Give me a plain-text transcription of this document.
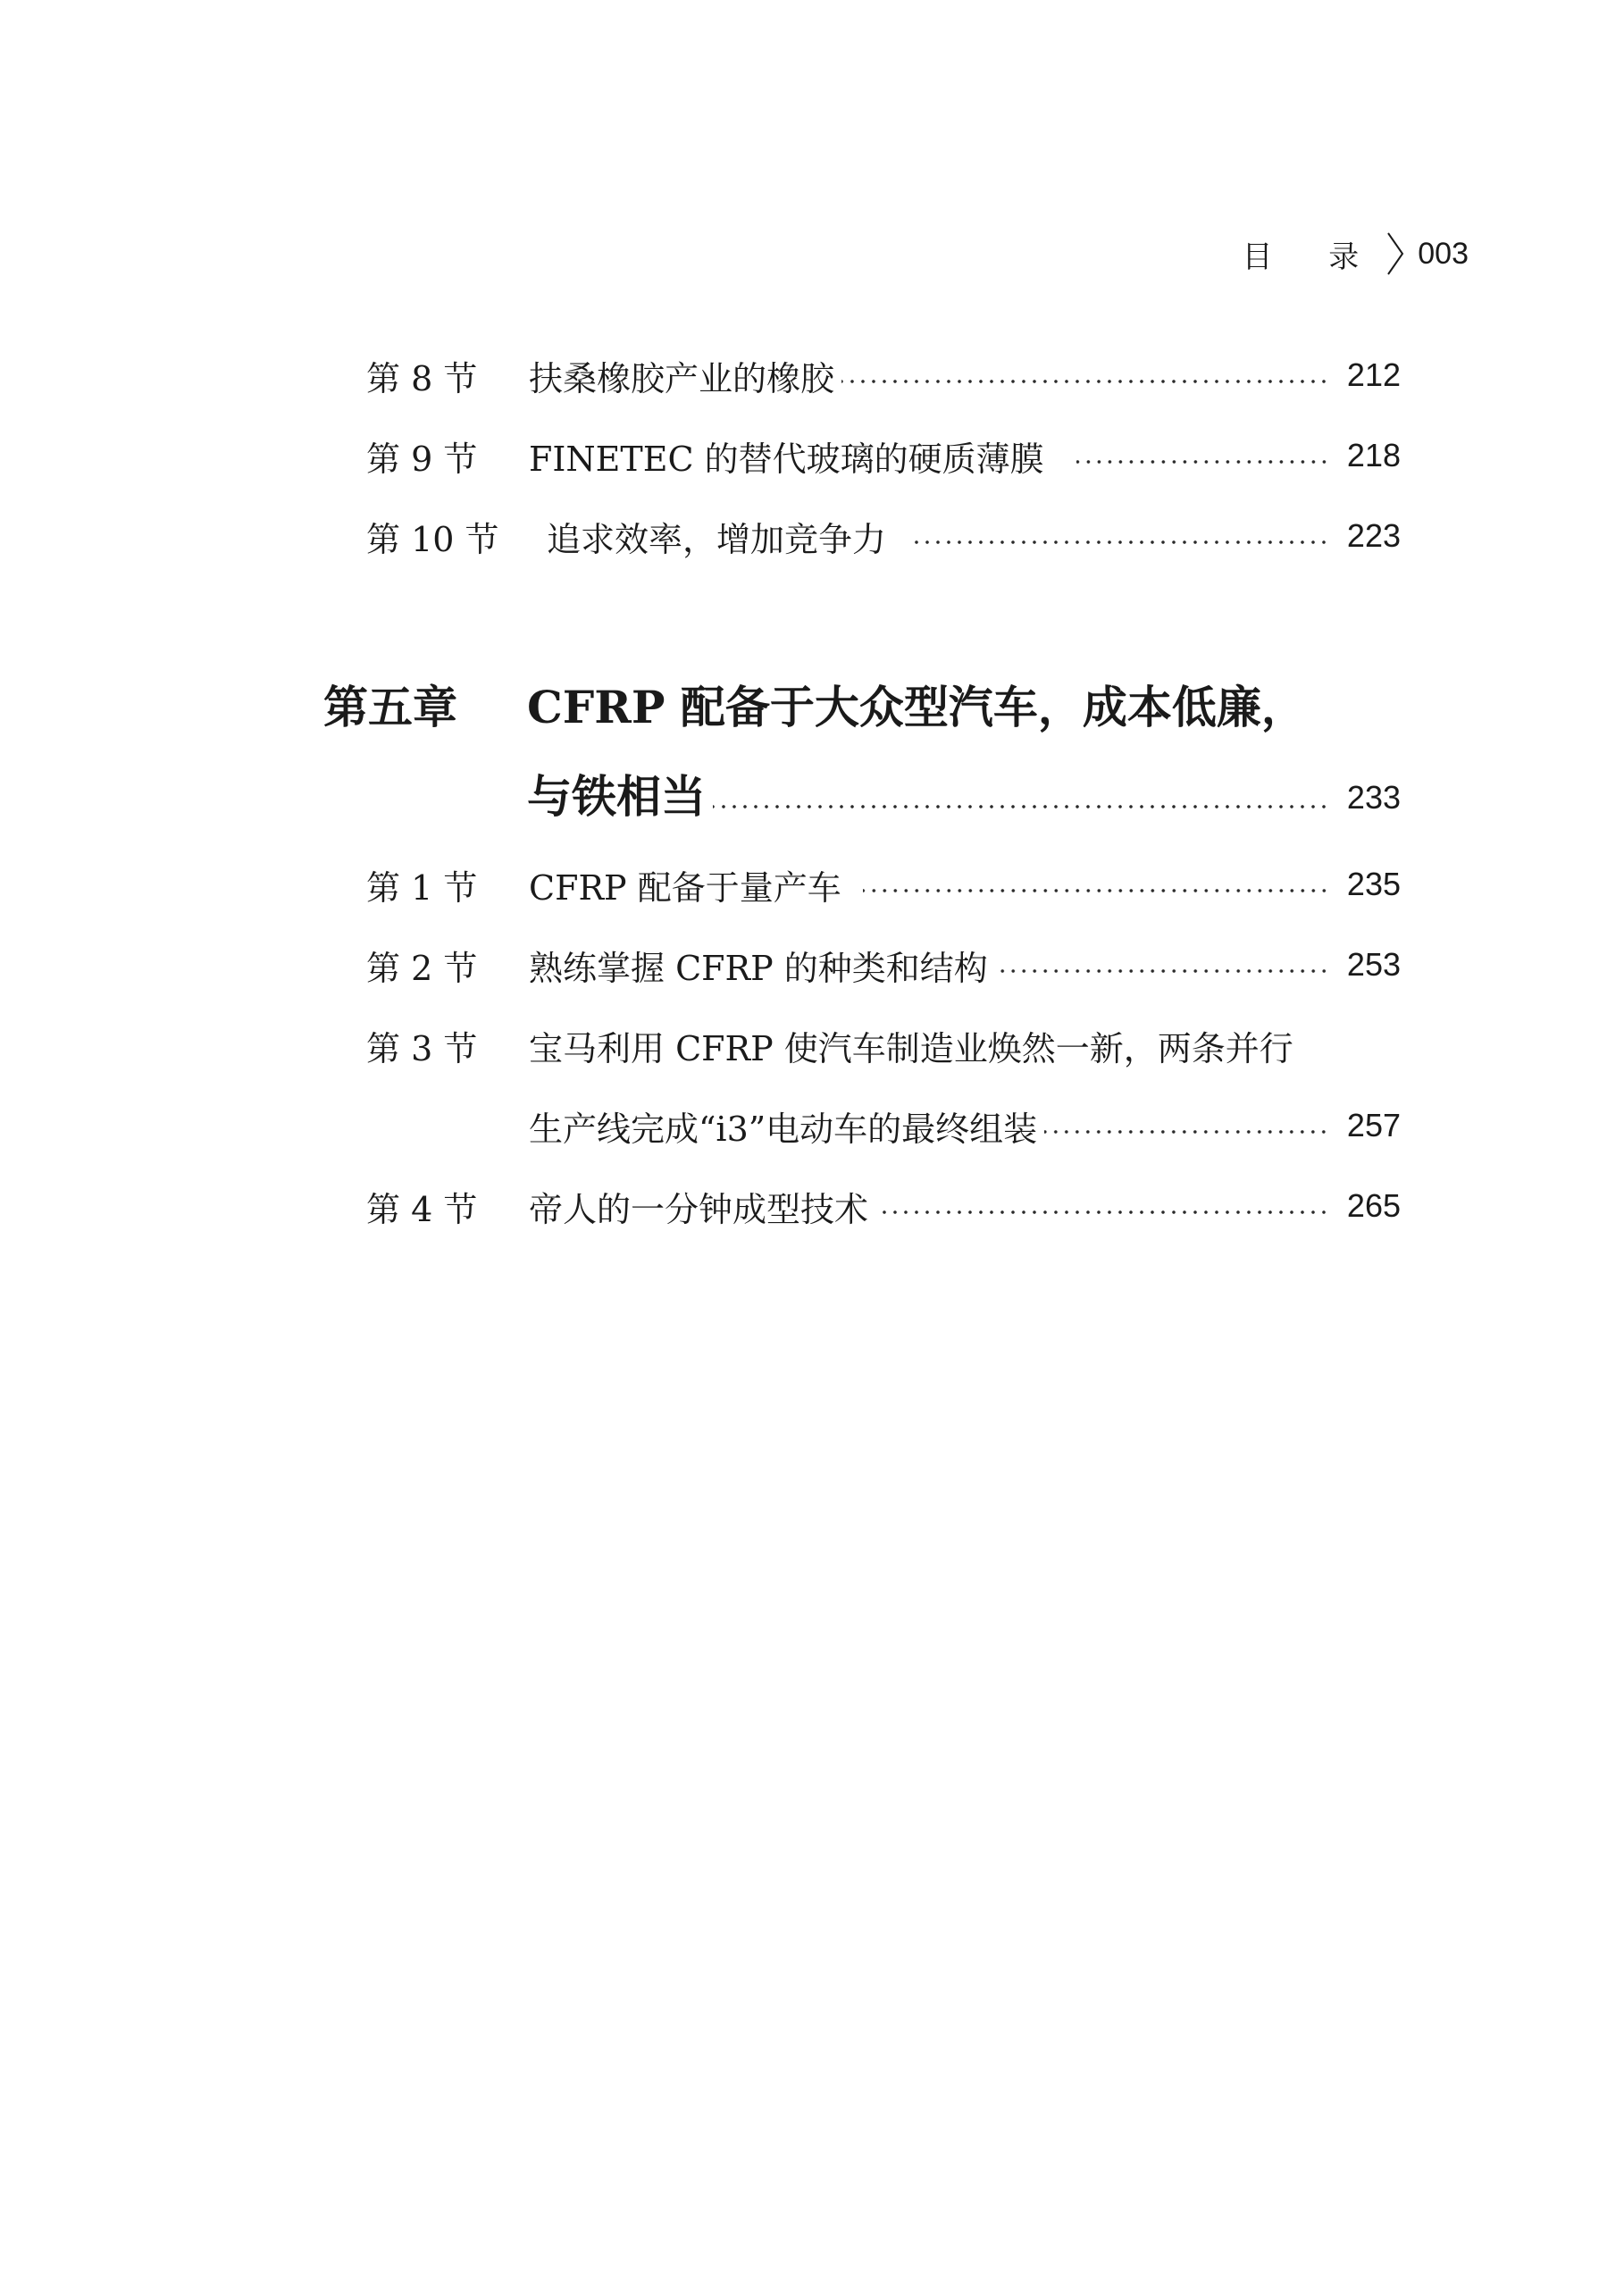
目 录 003
第 8 节	扶桑橡胶产业的橡胶	212
第 9 节	FINETEC 的替代玻璃的硬质薄膜	218
第 10 节	追求效率，增加竞争力	223
第五章	CFRP 配备于大众型汽车，成本低廉，
与铁相当	233
第 1 节	CFRP 配备于量产车	235
第 2 节	熟练掌握 CFRP 的种类和结构	253
第 3 节	宝马利用 CFRP 使汽车制造业焕然一新，两条并行
生产线完成“i3”电动车的最终组装	257
第 4 节	帝人的一分钟成型技术	265
